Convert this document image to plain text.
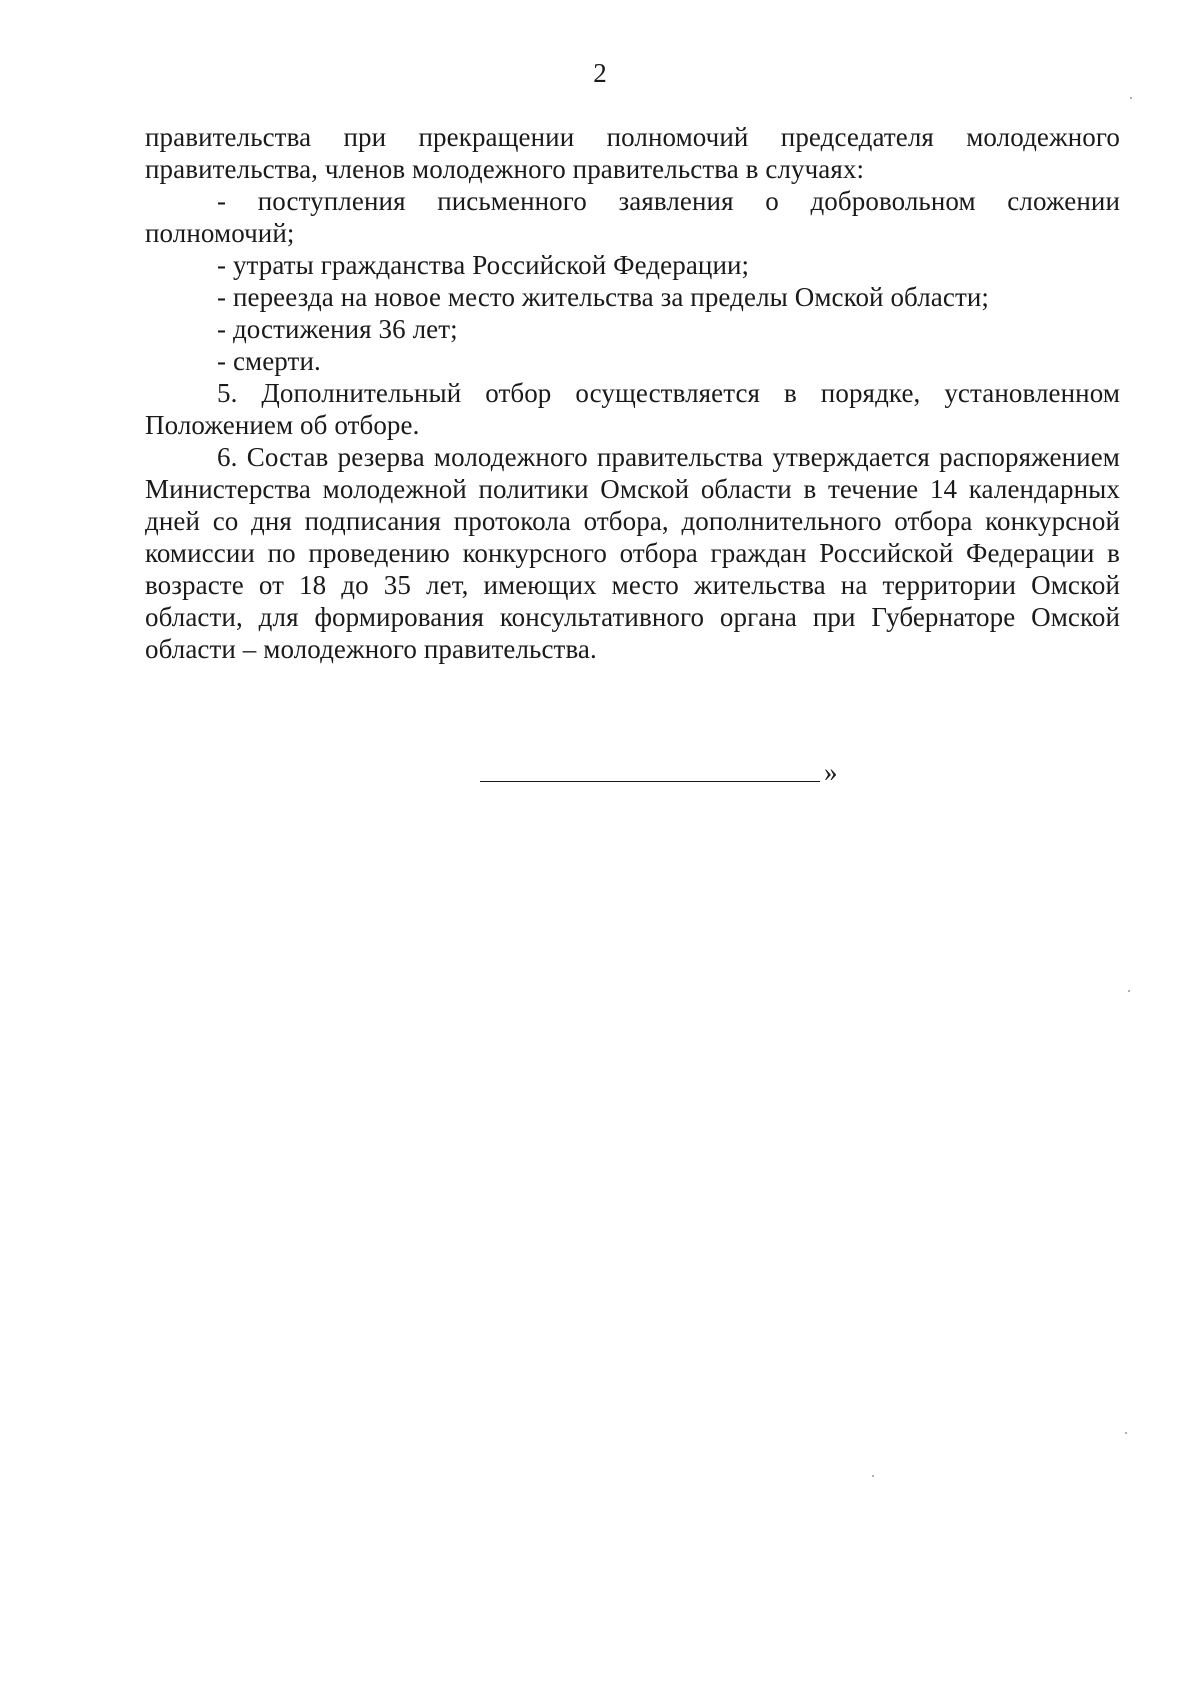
2

правительства при прекращении полномочий председателя молодежного правительства, членов молодежного правительства в случаях:

- поступления письменного заявления о добровольном сложении полномочий;

- утраты гражданства Российской Федерации;

- переезда на новое место жительства за пределы Омской области;

- достижения 36 лет;

- смерти.

5. Дополнительный отбор осуществляется в порядке, установленном Положением об отборе.

6. Состав резерва молодежного правительства утверждается распоряжением Министерства молодежной политики Омской области в течение 14 календарных дней со дня подписания протокола отбора, дополнительного отбора конкурсной комиссии по проведению конкурсного отбора граждан Российской Федерации в возрасте от 18 до 35 лет, имеющих место жительства на территории Омской области, для формирования консультативного органа при Губернаторе Омской области – молодежного правительства.

»
